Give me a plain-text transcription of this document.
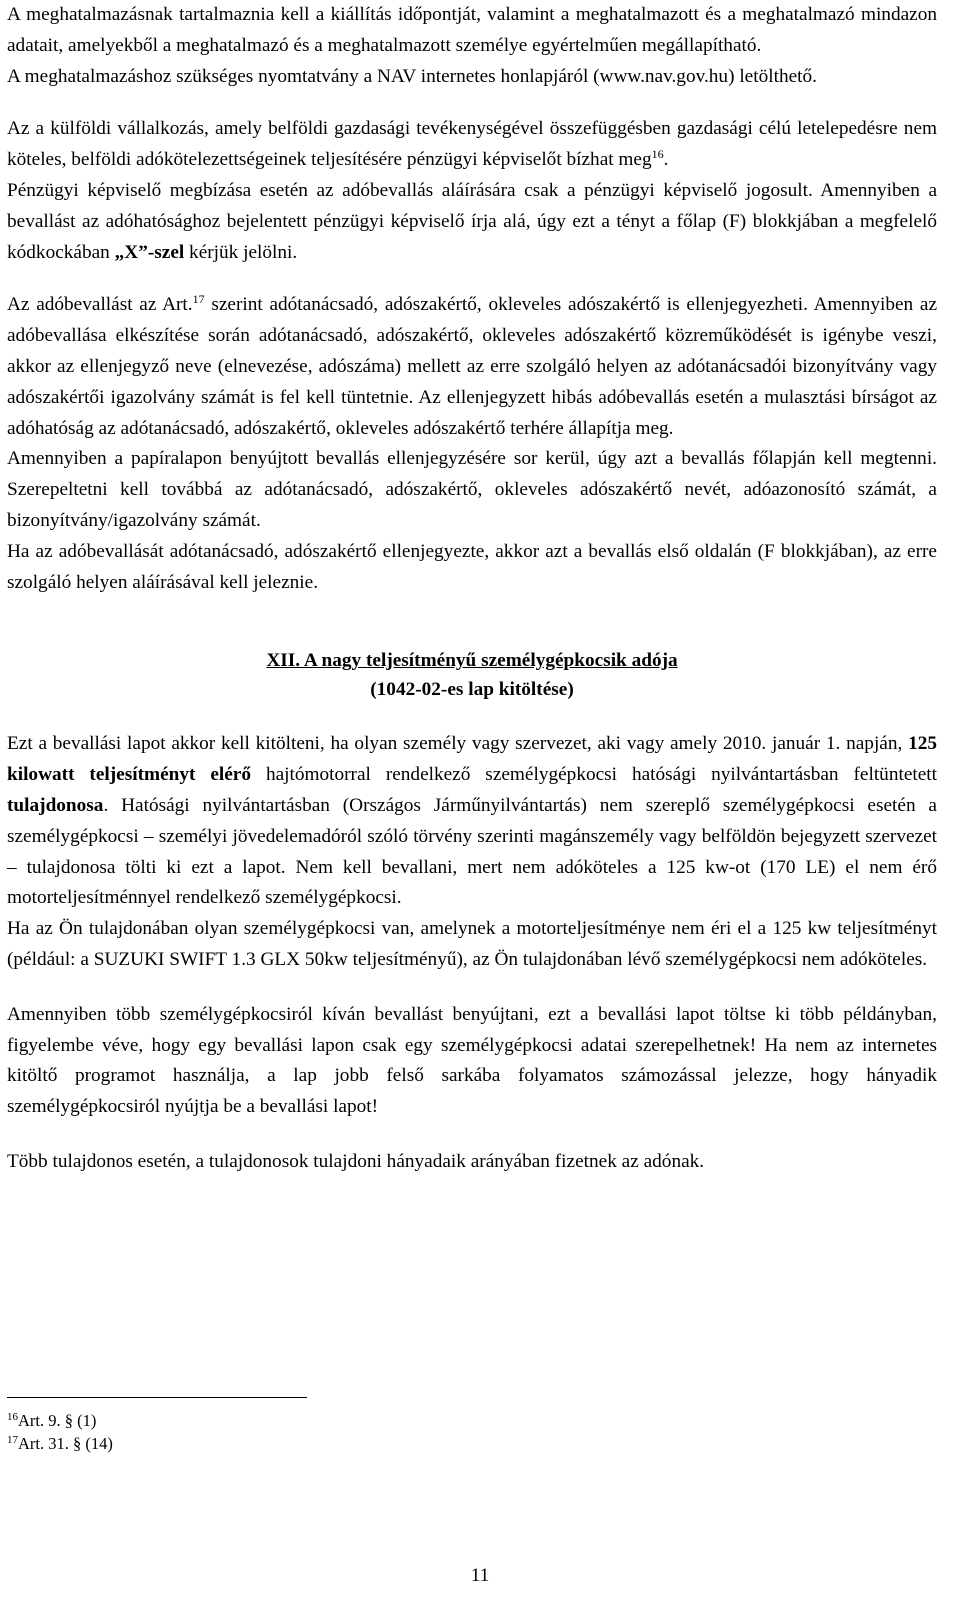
A meghatalmazásnak tartalmaznia kell a kiállítás időpontját, valamint a meghatalmazott és a meghatalmazó mindazon adatait, amelyekből a meghatalmazó és a meghatalmazott személye egyértelműen megállapítható.

A meghatalmazáshoz szükséges nyomtatvány a NAV internetes honlapjáról (www.nav.gov.hu) letölthető.

Az a külföldi vállalkozás, amely belföldi gazdasági tevékenységével összefüggésben gazdasági célú letelepedésre nem köteles, belföldi adókötelezettségeinek teljesítésére pénzügyi képviselőt bízhat meg$^{16}$.

Pénzügyi képviselő megbízása esetén az adóbevallás aláírására csak a pénzügyi képviselő jogosult. Amennyiben a bevallást az adóhatósághoz bejelentett pénzügyi képviselő írja alá, úgy ezt a tényt a főlap (F) blokkjában a megfelelő kódkockában „X”-szel kérjük jelölni.

Az adóbevallást az Art.$^{17}$ szerint adótanácsadó, adószakértő, okleveles adószakértő is ellenjegyezheti. Amennyiben az adóbevallása elkészítése során adótanácsadó, adószakértő, okleveles adószakértő közreműködését is igénybe veszi, akkor az ellenjegyző neve (elnevezése, adószáma) mellett az erre szolgáló helyen az adótanácsadói bizonyítvány vagy adószakértői igazolvány számát is fel kell tüntetnie. Az ellenjegyzett hibás adóbevallás esetén a mulasztási bírságot az adóhatóság az adótanácsadó, adószakértő, okleveles adószakértő terhére állapítja meg.

Amennyiben a papíralapon benyújtott bevallás ellenjegyzésére sor kerül, úgy azt a bevallás főlapján kell megtenni. Szerepeltetni kell továbbá az adótanácsadó, adószakértő, okleveles adószakértő nevét, adóazonosító számát, a bizonyítvány/igazolvány számát.

Ha az adóbevallását adótanácsadó, adószakértő ellenjegyezte, akkor azt a bevallás első oldalán (F blokkjában), az erre szolgáló helyen aláírásával kell jeleznie.

XII. A nagy teljesítményű személygépkocsik adója
(1042-02-es lap kitöltése)

Ezt a bevallási lapot akkor kell kitölteni, ha olyan személy vagy szervezet, aki vagy amely 2010. január 1. napján, 125 kilowatt teljesítményt elérő hajtómotorral rendelkező személygépkocsi hatósági nyilvántartásban feltüntetett tulajdonosa. Hatósági nyilvántartásban (Országos Járműnyilvántartás) nem szereplő személygépkocsi esetén a személygépkocsi – személyi jövedelemadóról szóló törvény szerinti magánszemély vagy belföldön bejegyzett szervezet – tulajdonosa tölti ki ezt a lapot. Nem kell bevallani, mert nem adóköteles a 125 kw-ot (170 LE) el nem érő motorteljesítménnyel rendelkező személygépkocsi.

Ha az Ön tulajdonában olyan személygépkocsi van, amelynek a motorteljesítménye nem éri el a 125 kw teljesítményt (például: a SUZUKI SWIFT 1.3 GLX 50kw teljesítményű), az Ön tulajdonában lévő személygépkocsi nem adóköteles.

Amennyiben több személygépkocsiról kíván bevallást benyújtani, ezt a bevallási lapot töltse ki több példányban, figyelembe véve, hogy egy bevallási lapon csak egy személygépkocsi adatai szerepelhetnek! Ha nem az internetes kitöltő programot használja, a lap jobb felső sarkába folyamatos számozással jelezze, hogy hányadik személygépkocsiról nyújtja be a bevallási lapot!

Több tulajdonos esetén, a tulajdonosok tulajdoni hányadaik arányában fizetnek az adónak.

$^{16}$Art. 9. § (1)
$^{17}$Art. 31. § (14)
11
